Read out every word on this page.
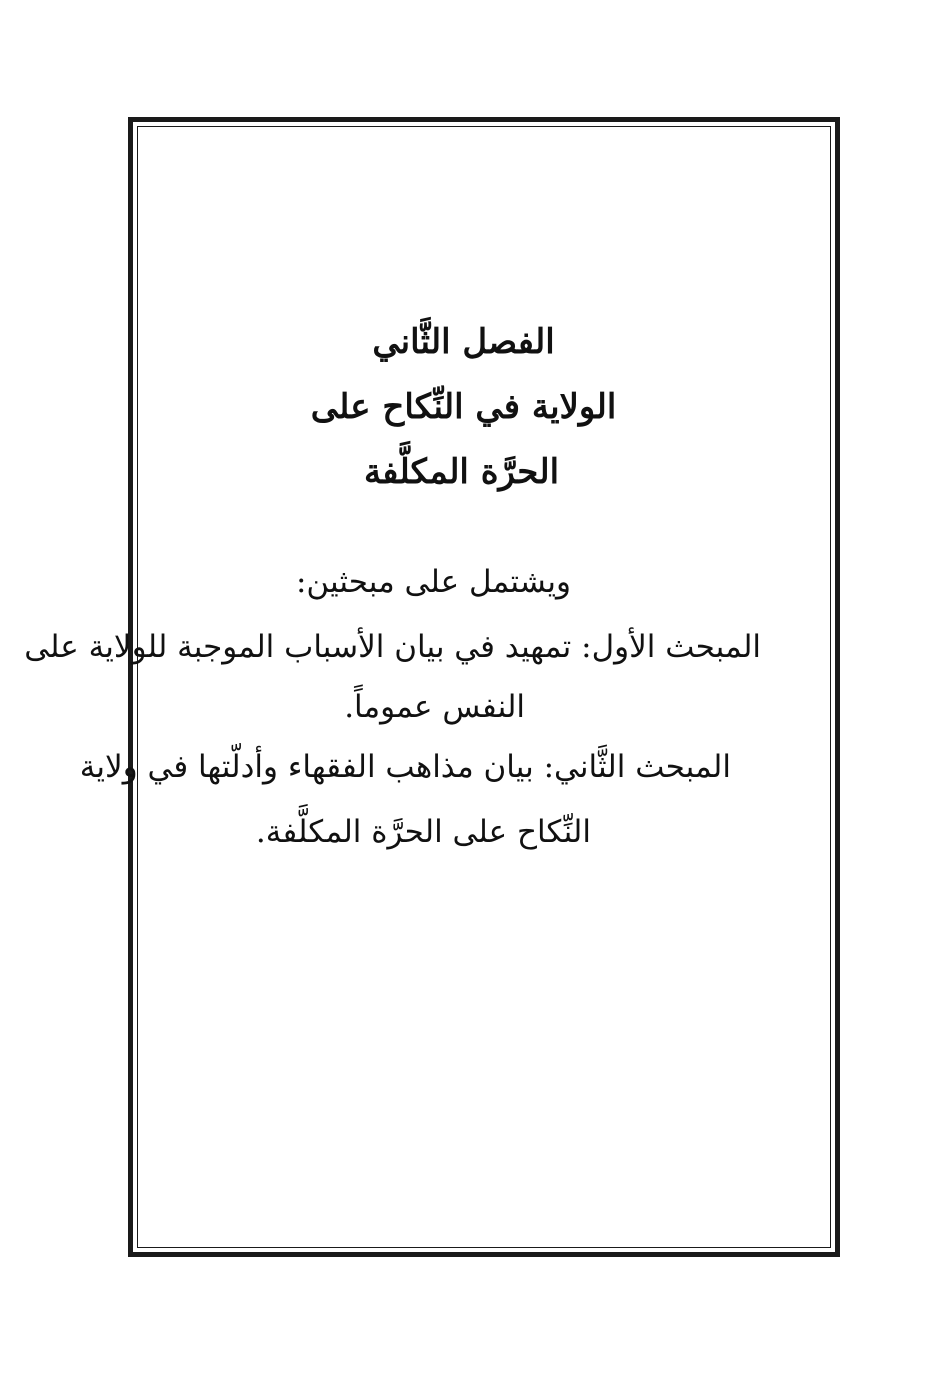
الفصل الثَّاني
الولاية في النِّكاح على
الحرَّة المكلَّفة
ويشتمل على مبحثين:
المبحث الأول: تمهيد في بيان الأسباب الموجبة للولاية على
النفس عموماً.
المبحث الثَّاني: بيان مذاهب الفقهاء وأدلّتها في ولاية
النِّكاح على الحرَّة المكلَّفة.
